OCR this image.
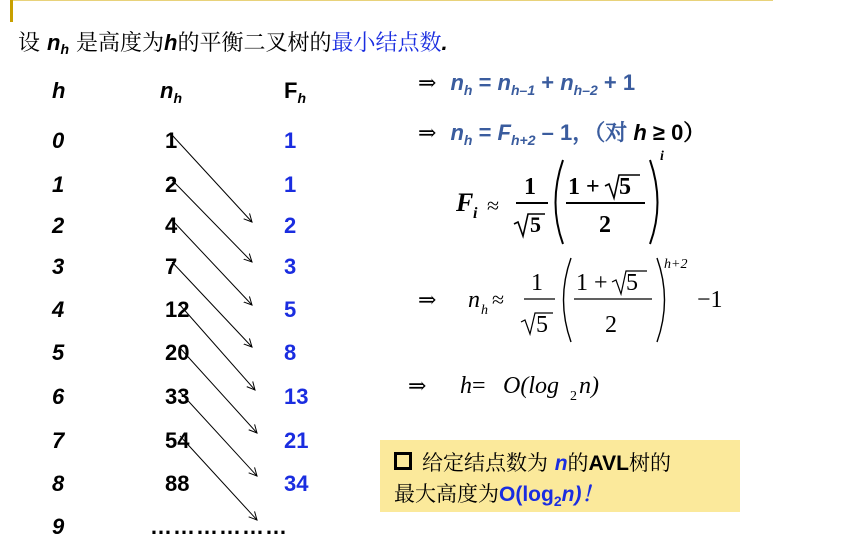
设 $n_h$ 是高度为h的平衡二叉树的最小结点数.
h	$n_h$	$F_h$
0	1	1
1	2	1
2	4	2
3	7	3
4	12	5
5	20	8
6	33	13
7	54	21
8	88	34
9	………………
⇒ $n_h = n_{h-1} + n_{h-2} + 1$
⇒ $n_h = F_{h+2} - 1$，（对 h ≥ 0）
F i ≈
1
5
1 + 5
2
i
⇒ n h ≈
1
5
1 + 5
2
h+2
−1
⇒ h = O(log 2 n)
给定结点数为 n的AVL树的
最大高度为$O(\log_2n)$！
